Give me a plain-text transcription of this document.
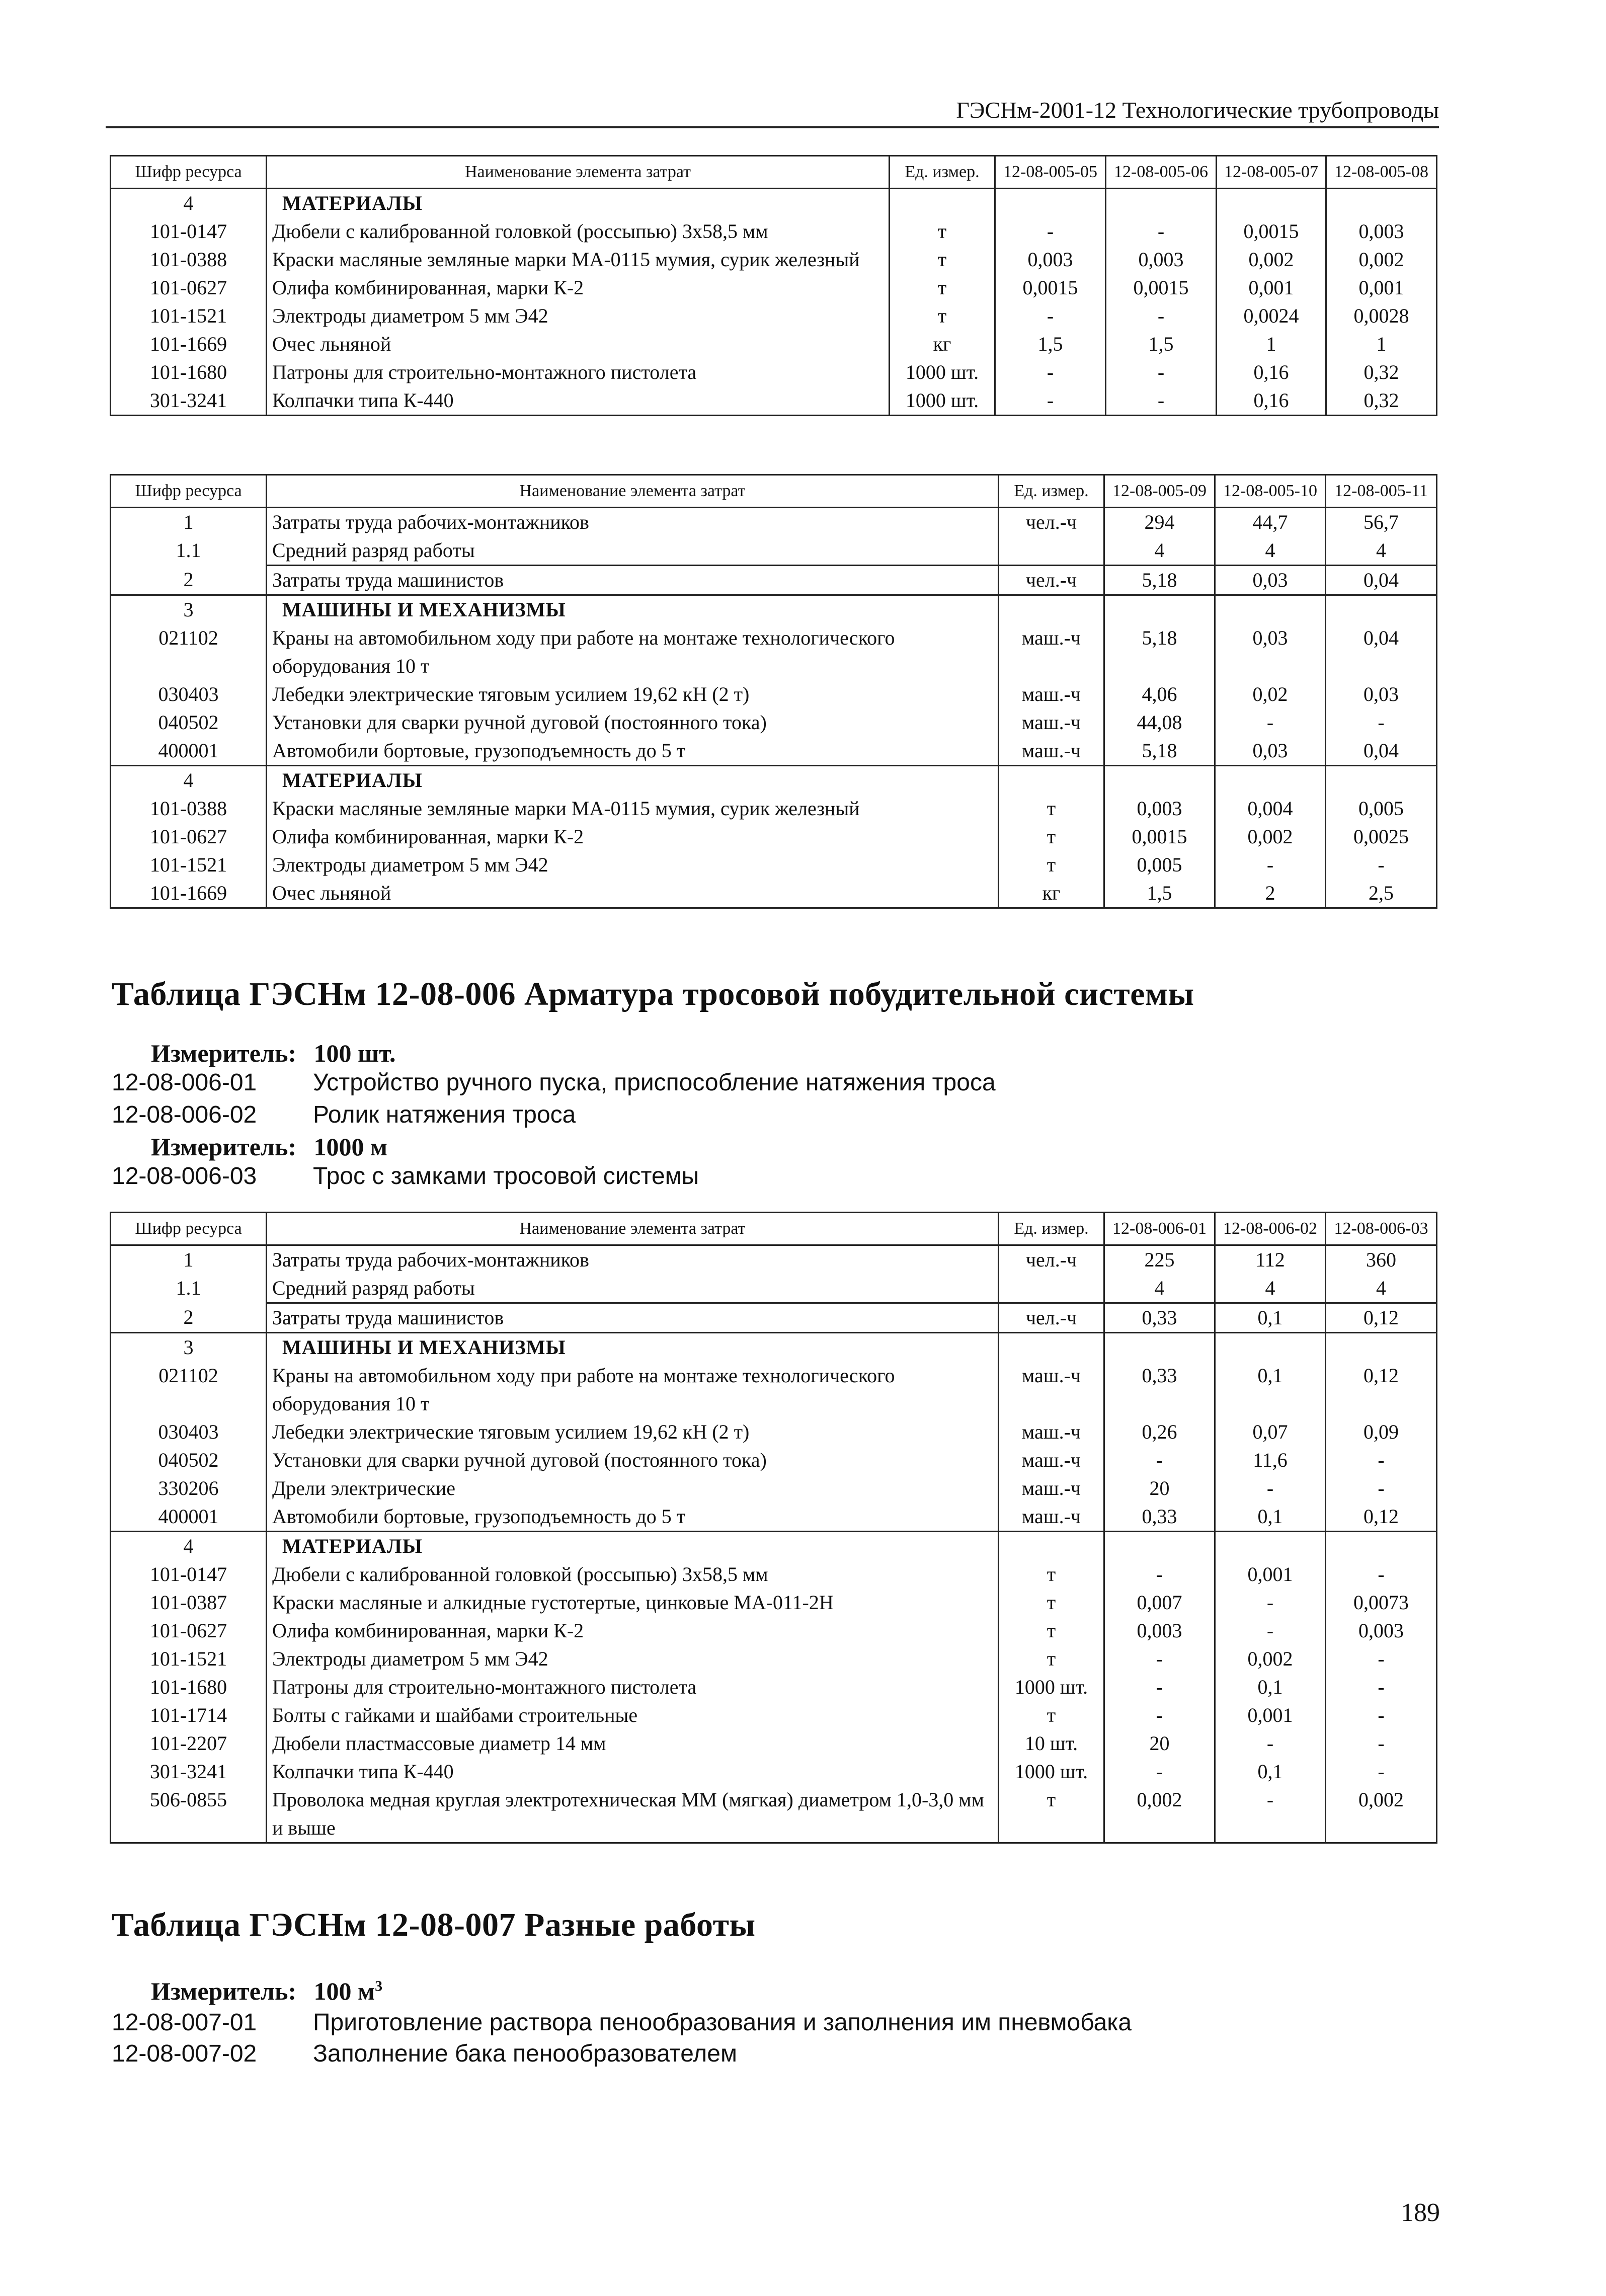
ГЭСНм-2001-12 Технологические трубопроводы
Шифр ресурса	Наименование элемента затрат	Ед. измер.	12-08-005-05	12-08-005-06	12-08-005-07	12-08-005-08
4	МАТЕРИАЛЫ					
101-0147	Дюбели с калиброванной головкой (россыпью) 3х58,5 мм	т	-	-	0,0015	0,003
101-0388	Краски масляные земляные марки МА-0115 мумия, сурик железный	т	0,003	0,003	0,002	0,002
101-0627	Олифа комбинированная, марки К-2	т	0,0015	0,0015	0,001	0,001
101-1521	Электроды диаметром 5 мм Э42	т	-	-	0,0024	0,0028
101-1669	Очес льняной	кг	1,5	1,5	1	1
101-1680	Патроны для строительно-монтажного пистолета	1000 шт.	-	-	0,16	0,32
301-3241	Колпачки типа К-440	1000 шт.	-	-	0,16	0,32
Шифр ресурса	Наименование элемента затрат	Ед. измер.	12-08-005-09	12-08-005-10	12-08-005-11
1	Затраты труда рабочих-монтажников	чел.-ч	294	44,7	56,7
1.1	Средний разряд работы		4	4	4
2	Затраты труда машинистов	чел.-ч	5,18	0,03	0,04
3	МАШИНЫ И МЕХАНИЗМЫ				
021102	Краны на автомобильном ходу при работе на монтаже технологического оборудования 10 т	маш.-ч	5,18	0,03	0,04
030403	Лебедки электрические тяговым усилием 19,62 кН (2 т)	маш.-ч	4,06	0,02	0,03
040502	Установки для сварки ручной дуговой (постоянного тока)	маш.-ч	44,08	-	-
400001	Автомобили бортовые, грузоподъемность до 5 т	маш.-ч	5,18	0,03	0,04
4	МАТЕРИАЛЫ				
101-0388	Краски масляные земляные марки МА-0115 мумия, сурик железный	т	0,003	0,004	0,005
101-0627	Олифа комбинированная, марки К-2	т	0,0015	0,002	0,0025
101-1521	Электроды диаметром 5 мм Э42	т	0,005	-	-
101-1669	Очес льняной	кг	1,5	2	2,5
Таблица ГЭСНм 12-08-006 Арматура тросовой побудительной системы
Измеритель: 100 шт.
12-08-006-01	Устройство ручного пуска, приспособление натяжения троса
12-08-006-02	Ролик натяжения троса
Измеритель: 1000 м
12-08-006-03	Трос с замками тросовой системы
Шифр ресурса	Наименование элемента затрат	Ед. измер.	12-08-006-01	12-08-006-02	12-08-006-03
1	Затраты труда рабочих-монтажников	чел.-ч	225	112	360
1.1	Средний разряд работы		4	4	4
2	Затраты труда машинистов	чел.-ч	0,33	0,1	0,12
3	МАШИНЫ И МЕХАНИЗМЫ				
021102	Краны на автомобильном ходу при работе на монтаже технологического оборудования 10 т	маш.-ч	0,33	0,1	0,12
030403	Лебедки электрические тяговым усилием 19,62 кН (2 т)	маш.-ч	0,26	0,07	0,09
040502	Установки для сварки ручной дуговой (постоянного тока)	маш.-ч	-	11,6	-
330206	Дрели электрические	маш.-ч	20	-	-
400001	Автомобили бортовые, грузоподъемность до 5 т	маш.-ч	0,33	0,1	0,12
4	МАТЕРИАЛЫ				
101-0147	Дюбели с калиброванной головкой (россыпью) 3х58,5 мм	т	-	0,001	-
101-0387	Краски масляные и алкидные густотертые, цинковые МА-011-2Н	т	0,007	-	0,0073
101-0627	Олифа комбинированная, марки К-2	т	0,003	-	0,003
101-1521	Электроды диаметром 5 мм Э42	т	-	0,002	-
101-1680	Патроны для строительно-монтажного пистолета	1000 шт.	-	0,1	-
101-1714	Болты с гайками и шайбами строительные	т	-	0,001	-
101-2207	Дюбели пластмассовые диаметр 14 мм	10 шт.	20	-	-
301-3241	Колпачки типа К-440	1000 шт.	-	0,1	-
506-0855	Проволока медная круглая электротехническая ММ (мягкая) диаметром 1,0-3,0 мм и выше	т	0,002	-	0,002
Таблица ГЭСНм 12-08-007 Разные работы
Измеритель: 100 $м^3$
12-08-007-01	Приготовление раствора пенообразования и заполнения им пневмобака
12-08-007-02	Заполнение бака пенообразователем
189
